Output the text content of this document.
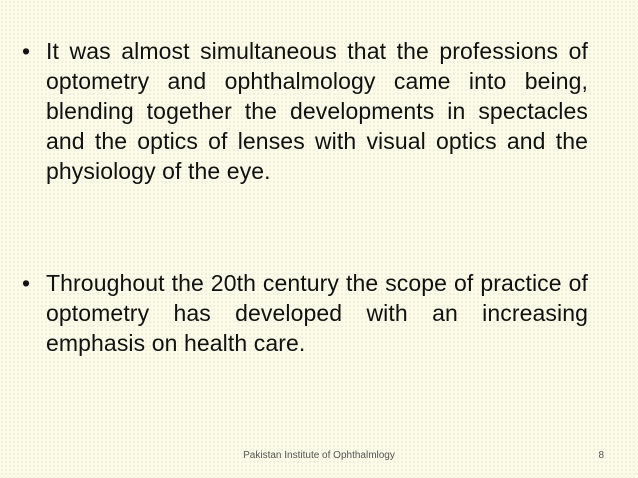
• It was almost simultaneous that the professions of optometry and ophthalmology came into being, blending together the developments in spectacles and the optics of lenses with visual optics and the physiology of the eye.
• Throughout the 20th century the scope of practice of optometry has developed with an increasing emphasis on health care.
Pakistan Institute of Ophthalmlogy	8
